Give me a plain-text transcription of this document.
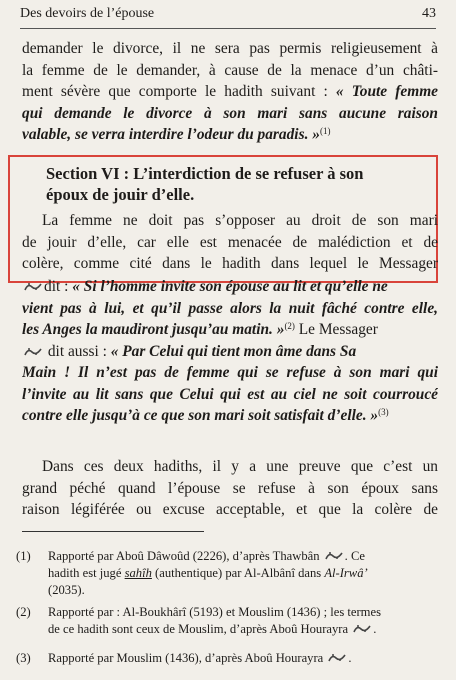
Des devoirs de l’épouse	43
demander le divorce, il ne sera pas permis religieusement à
la femme de le demander, à cause de la menace d’un châti-
ment sévère que comporte le hadith suivant : « Toute femme
qui demande le divorce à son mari sans aucune raison
valable, se verra interdire l’odeur du paradis. »$^{(1)}$
Section VI : L’interdiction de se refuser à son
époux de jouir d’elle.
La femme ne doit pas s’opposer au droit de son mari
de jouir d’elle, car elle est menacée de malédiction et de
colère, comme cité dans le hadith dans lequel le Messager
dit : « Si l’homme invite son épouse au lit et qu’elle ne
vient pas à lui, et qu’il passe alors la nuit fâché contre elle,
les Anges la maudiront jusqu’au matin. »$^{(2)}$ Le Messager
dit aussi : « Par Celui qui tient mon âme dans Sa
Main ! Il n’est pas de femme qui se refuse à son mari qui
l’invite au lit sans que Celui qui est au ciel ne soit courroucé
contre elle jusqu’à ce que son mari soit satisfait d’elle. »$^{(3)}$
Dans ces deux hadiths, il y a une preuve que c’est un
grand péché quand l’épouse se refuse à son époux sans
raison légiférée ou excuse acceptable, et que la colère de
(1) Rapporté par Aboû Dâwoûd (2226), d’après Thawbân . Ce
hadith est jugé sahîh (authentique) par Al-Albânî dans Al-Irwâ’
(2035).
(2) Rapporté par : Al-Boukhârî (5193) et Mouslim (1436) ; les termes
de ce hadith sont ceux de Mouslim, d’après Aboû Hourayra .
(3) Rapporté par Mouslim (1436), d’après Aboû Hourayra .
